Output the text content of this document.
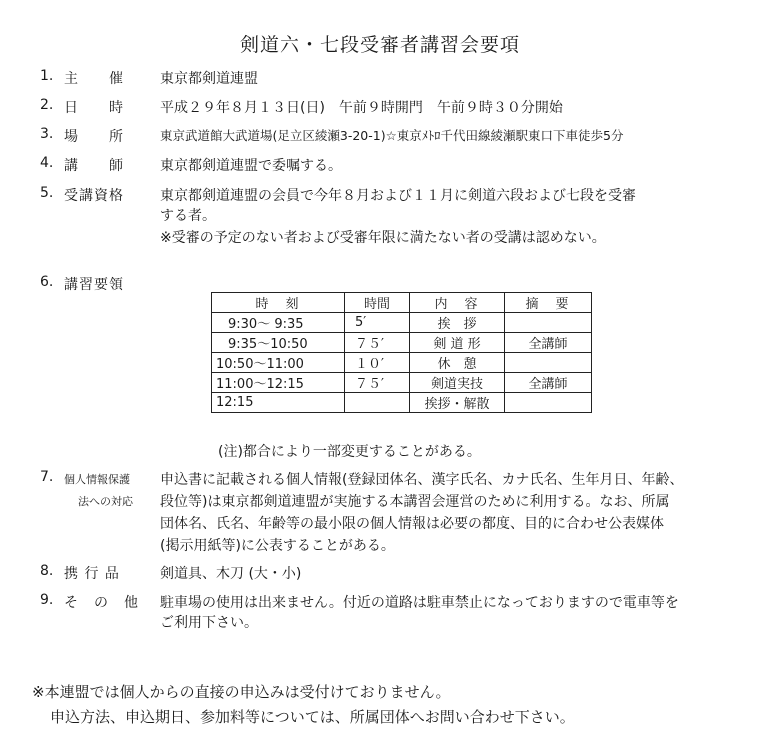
剣道六・七段受審者講習会要項
1. 主　　催	東京都剣道連盟
2. 日　　時	平成２９年８月１３日(日)　午前９時開門　午前９時３０分開始
3. 場　　所	東京武道館大武道場(足立区綾瀬3-20-1)☆東京ﾒﾄﾛ千代田線綾瀬駅東口下車徒歩5分
4. 講　　師	東京都剣道連盟で委嘱する。
5. 受講資格	東京都剣道連盟の会員で今年８月および１１月に剣道六段および七段を受審
する者。
※受審の予定のない者および受審年限に満たない者の受講は認めない。
6. 講習要領
時　刻	時間	内　容	摘　要
9:30～ 9:35	5′	挨　拶	
9:35～10:50	７５′	剣 道 形	全講師
10:50～11:00	１０′	休　憩	
11:00～12:15	７５′	剣道実技	全講師
12:15		挨拶・解散	
(注)都合により一部変更することがある。
7. 個人情報保護
法への対応
申込書に記載される個人情報(登録団体名、漢字氏名、カナ氏名、生年月日、年齢、
段位等)は東京都剣道連盟が実施する本講習会運営のために利用する。なお、所属
団体名、氏名、年齢等の最小限の個人情報は必要の都度、目的に合わせ公表媒体
(掲示用紙等)に公表することがある。
8. 携 行 品	剣道具、木刀 (大・小)
9. そ　の　他 駐車場の使用は出来ません。付近の道路は駐車禁止になっておりますので電車等を
ご利用下さい。
※本連盟では個人からの直接の申込みは受付けておりません。
申込方法、申込期日、参加料等については、所属団体へお問い合わせ下さい。
